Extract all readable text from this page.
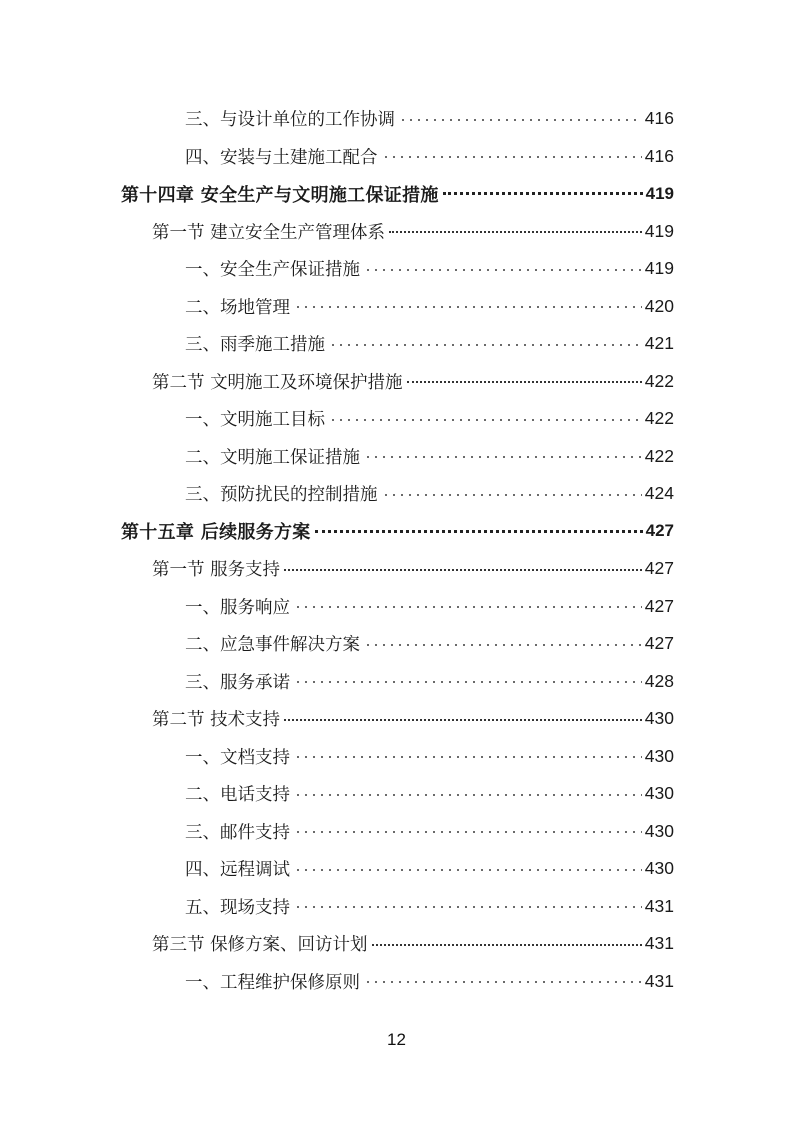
三、与设计单位的工作协调	416
四、安装与土建施工配合	416
第十四章 安全生产与文明施工保证措施	419
第一节 建立安全生产管理体系	419
一、安全生产保证措施	419
二、场地管理	420
三、雨季施工措施	421
第二节 文明施工及环境保护措施	422
一、文明施工目标	422
二、文明施工保证措施	422
三、预防扰民的控制措施	424
第十五章 后续服务方案	427
第一节 服务支持	427
一、服务响应	427
二、应急事件解决方案	427
三、服务承诺	428
第二节 技术支持	430
一、文档支持	430
二、电话支持	430
三、邮件支持	430
四、远程调试	430
五、现场支持	431
第三节 保修方案、回访计划	431
一、工程维护保修原则	431
12
